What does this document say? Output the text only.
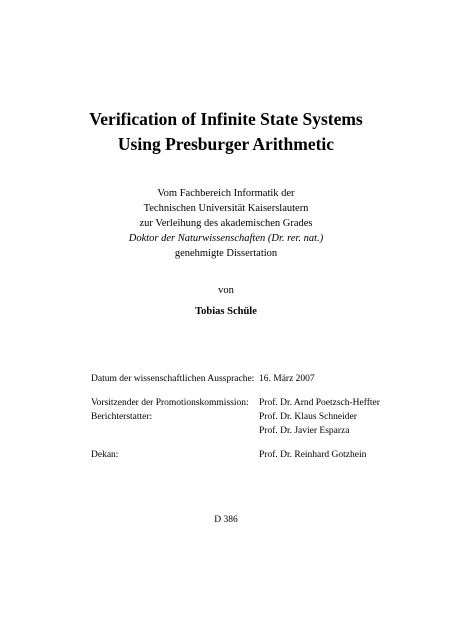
Verification of Infinite State Systems
Using Presburger Arithmetic
Vom Fachbereich Informatik der
Technischen Universität Kaiserslautern
zur Verleihung des akademischen Grades
Doktor der Naturwissenschaften (Dr. rer. nat.)
genehmigte Dissertation
von
Tobias Schüle
Datum der wissenschaftlichen Aussprache: 16. März 2007
Vorsitzender der Promotionskommission:	Prof. Dr. Arnd Poetzsch-Heffter
Berichterstatter:	Prof. Dr. Klaus Schneider
Prof. Dr. Javier Esparza
Dekan:	Prof. Dr. Reinhard Gotzhein
D 386
